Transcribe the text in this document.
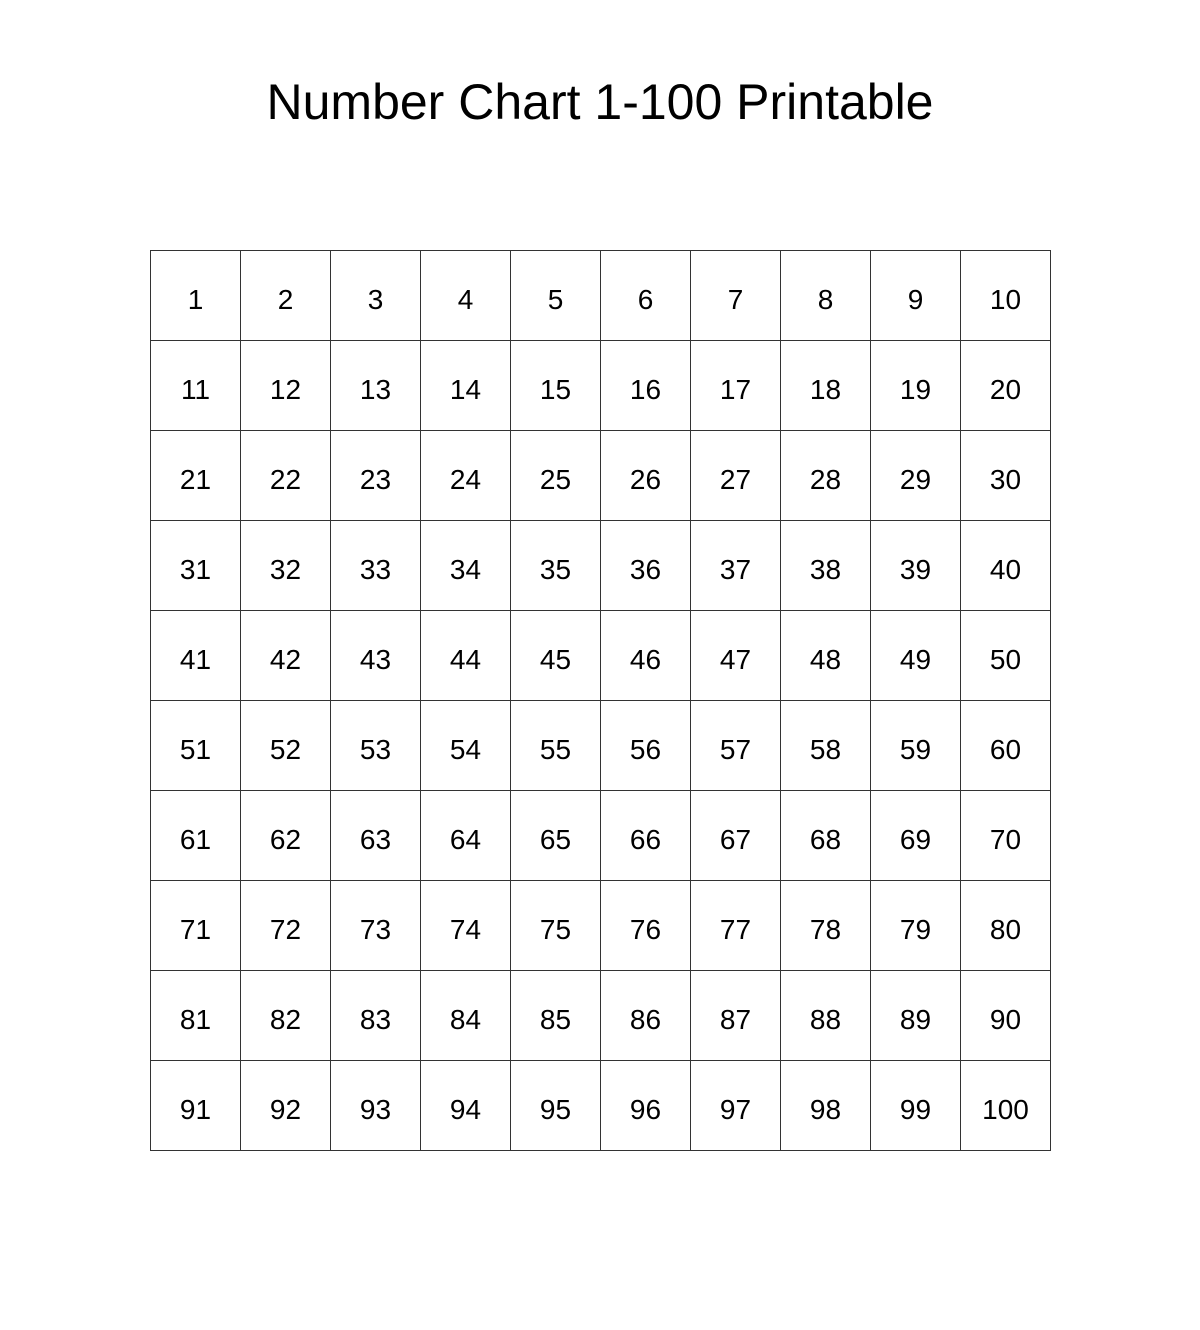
Number Chart 1-100 Printable
1	2	3	4	5	6	7	8	9	10
11	12	13	14	15	16	17	18	19	20
21	22	23	24	25	26	27	28	29	30
31	32	33	34	35	36	37	38	39	40
41	42	43	44	45	46	47	48	49	50
51	52	53	54	55	56	57	58	59	60
61	62	63	64	65	66	67	68	69	70
71	72	73	74	75	76	77	78	79	80
81	82	83	84	85	86	87	88	89	90
91	92	93	94	95	96	97	98	99	100
